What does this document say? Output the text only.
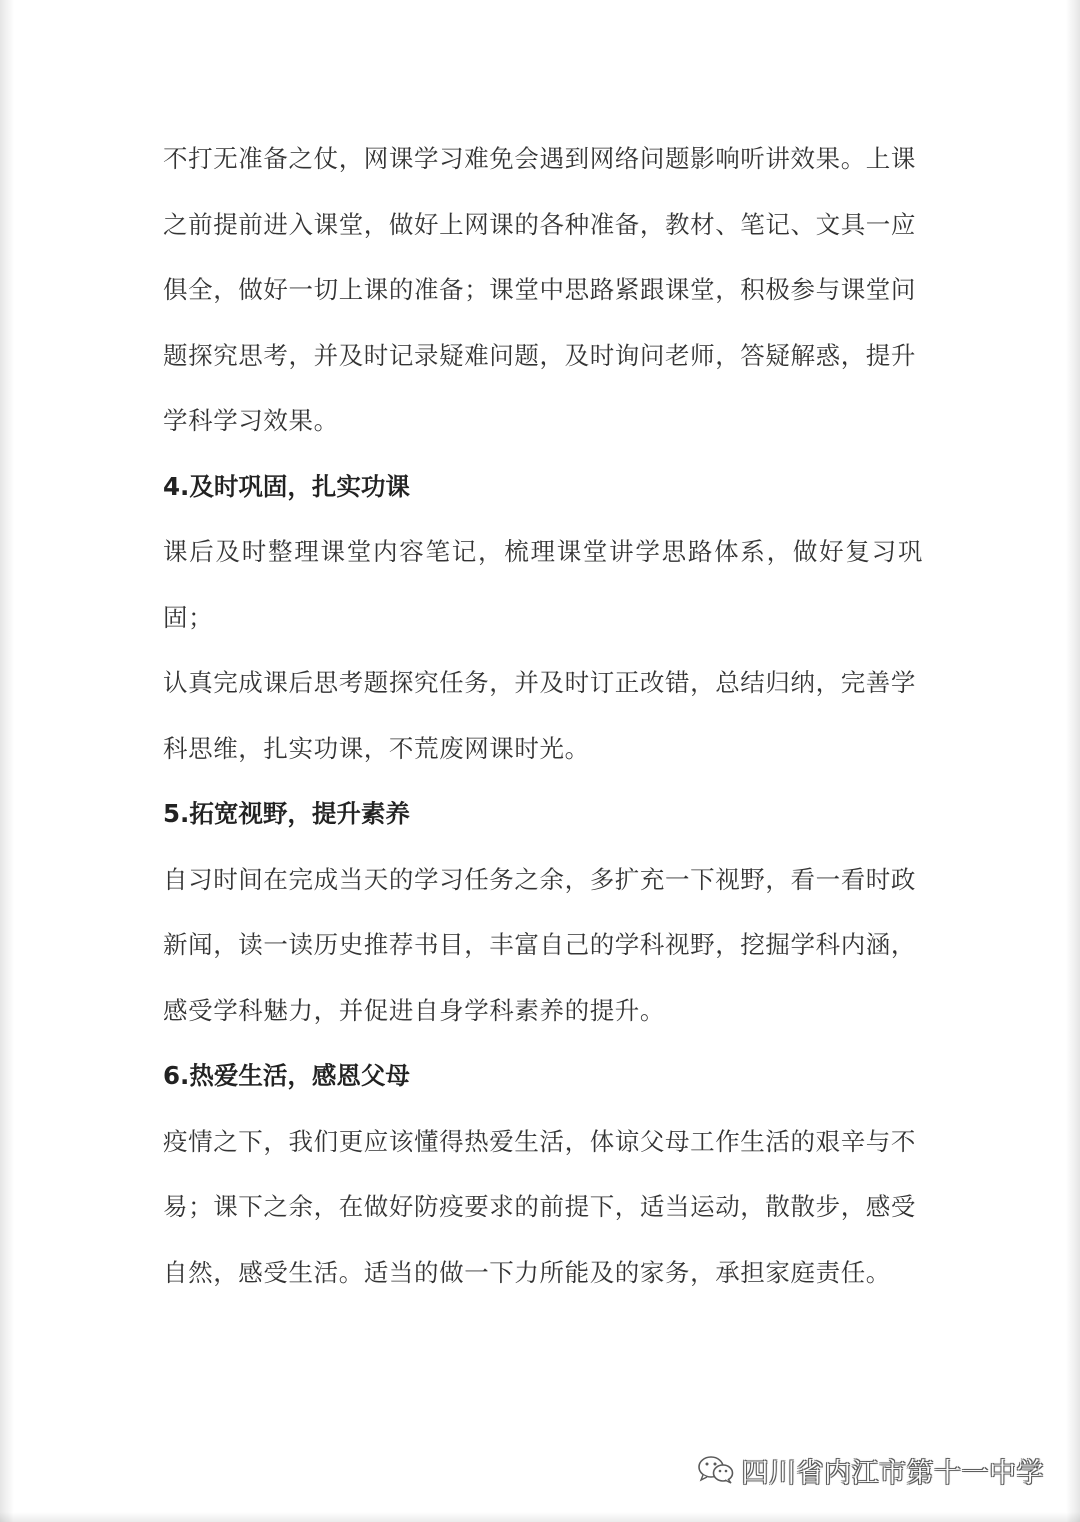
不打无准备之仗，网课学习难免会遇到网络问题影响听讲效果。上课

之前提前进入课堂，做好上网课的各种准备，教材、笔记、文具一应

俱全，做好一切上课的准备；课堂中思路紧跟课堂，积极参与课堂问

题探究思考，并及时记录疑难问题，及时询问老师，答疑解惑，提升

学科学习效果。

4.及时巩固，扎实功课

课后及时整理课堂内容笔记，梳理课堂讲学思路体系，做好复习巩固；

认真完成课后思考题探究任务，并及时订正改错，总结归纳，完善学

科思维，扎实功课，不荒废网课时光。

5.拓宽视野，提升素养

自习时间在完成当天的学习任务之余，多扩充一下视野，看一看时政

新闻，读一读历史推荐书目，丰富自己的学科视野，挖掘学科内涵，

感受学科魅力，并促进自身学科素养的提升。

6.热爱生活，感恩父母

疫情之下，我们更应该懂得热爱生活，体谅父母工作生活的艰辛与不

易；课下之余，在做好防疫要求的前提下，适当运动，散散步，感受

自然，感受生活。适当的做一下力所能及的家务，承担家庭责任。

四川省内江市第十一中学
